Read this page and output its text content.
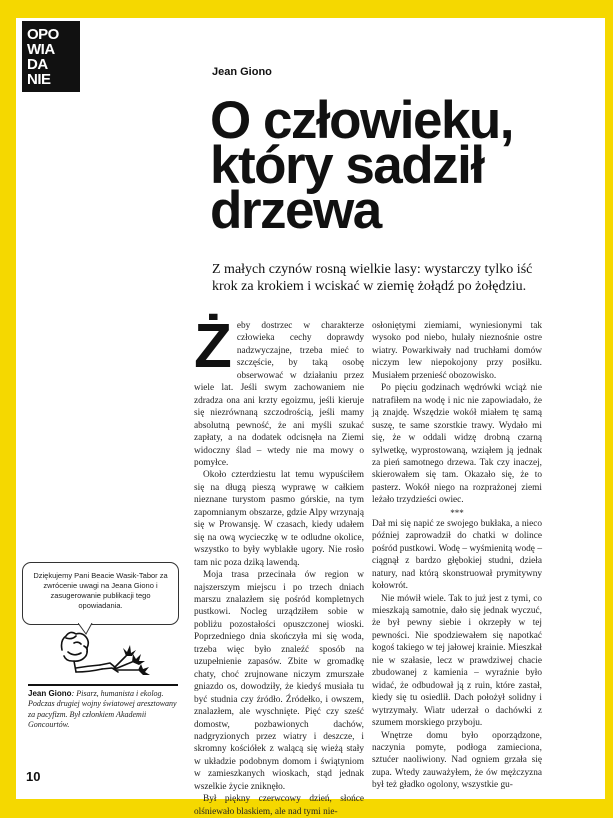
OPO
WIA
DA
NIE	Jean Giono
O człowieku,
który sadził
drzewa

Z małych czynów rosną wielkie lasy: wystarczy tylko iść krok za krokiem i wciskać w ziemię żołądź po żołędziu.

Żeby dostrzec w charakterze człowieka cechy doprawdy nadzwyczajne, trzeba mieć to szczęście, by taką osobę obserwować w działaniu przez wiele lat. Jeśli swym zachowaniem nie zdradza ona ani krzty egoizmu, jeśli kieruje się niezrównaną szczodrością, jeśli mamy absolutną pewność, że ani myśli szukać zapłaty, a na dodatek odcisnęła na Ziemi widoczny ślad – wtedy nie ma mowy o pomyłce.

Około czterdziestu lat temu wypuściłem się na długą pieszą wyprawę w całkiem nieznane turystom pasmo górskie, na tym zapomnianym obszarze, gdzie Alpy wrzynają się w Prowansję. W czasach, kiedy udałem się na ową wycieczkę w te odludne okolice, wszystko to były wyblakłe ugory. Nie rosło tam nic poza dziką lawendą.

Moja trasa przecinała ów region w najszerszym miejscu i po trzech dniach marszu znalazłem się pośród kompletnych pustkowi. Nocleg urządziłem sobie w pobliżu pozostałości opuszczonej wioski. Poprzedniego dnia skończyła mi się woda, trzeba więc było znaleźć sposób na uzupełnienie zapasów. Zbite w gromadkę chaty, choć zrujnowane niczym zmurszałe gniazdo os, dowodziły, że kiedyś musiała tu być studnia czy źródło. Źródełko, i owszem, znalazłem, ale wyschnięte. Pięć czy sześć domostw, pozbawionych dachów, nadgryzionych przez wiatry i deszcze, i skromny kościółek z walącą się wieżą stały w układzie podobnym domom i świątyniom w zamieszkanych wioskach, stąd jednak wszelkie życie zniknęło.

Był piękny czerwcowy dzień, słońce olśniewało blaskiem, ale nad tymi nie-

osłoniętymi ziemiami, wyniesionymi tak wysoko pod niebo, hulały nieznośnie ostre wiatry. Powarkiwały nad truchłami domów niczym lew niepokojony przy posiłku. Musiałem przenieść obozowisko.

Po pięciu godzinach wędrówki wciąż nie natrafiłem na wodę i nic nie zapowiadało, że ją znajdę. Wszędzie wokół miałem tę samą suszę, te same szorstkie trawy. Wydało mi się, że w oddali widzę drobną czarną sylwetkę, wyprostowaną, wziąłem ją jednak za pień samotnego drzewa. Tak czy inaczej, skierowałem się tam. Okazało się, że to pasterz. Wokół niego na rozprażonej ziemi leżało trzydzieści owiec.

***

Dał mi się napić ze swojego bukłaka, a nieco później zaprowadził do chatki w dolince pośród pustkowi. Wodę – wyśmienitą wodę – ciągnął z bardzo głębokiej studni, dzieła natury, nad którą skonstruował prymitywny kołowrót.

Nie mówił wiele. Tak to już jest z tymi, co mieszkają samotnie, dało się jednak wyczuć, że był pewny siebie i okrzepły w tej pewności. Nie spodziewałem się napotkać kogoś takiego w tej jałowej krainie. Mieszkał nie w szałasie, lecz w prawdziwej chacie zbudowanej z kamienia – wyraźnie było widać, że odbudował ją z ruin, które zastał, kiedy się tu osiedlił. Dach położył solidny i wytrzymały. Wiatr uderzał o dachówki z szumem morskiego przyboju.

Wnętrze domu było oporządzone, naczynia pomyte, podłoga zamieciona, sztućer naoliwiony. Nad ogniem grzała się zupa. Wtedy zauważyłem, że ów mężczyzna był też gładko ogolony, wszystkie gu-

Dziękujemy Pani Beacie Wasik-Tabor za zwrócenie uwagi na Jeana Giono i zasugerowanie publikacji tego opowiadania.

Jean Giono: Pisarz, humanista i ekolog. Podczas drugiej wojny światowej aresztowany za pacyfizm. Był członkiem Akademii Goncourtów.

10
